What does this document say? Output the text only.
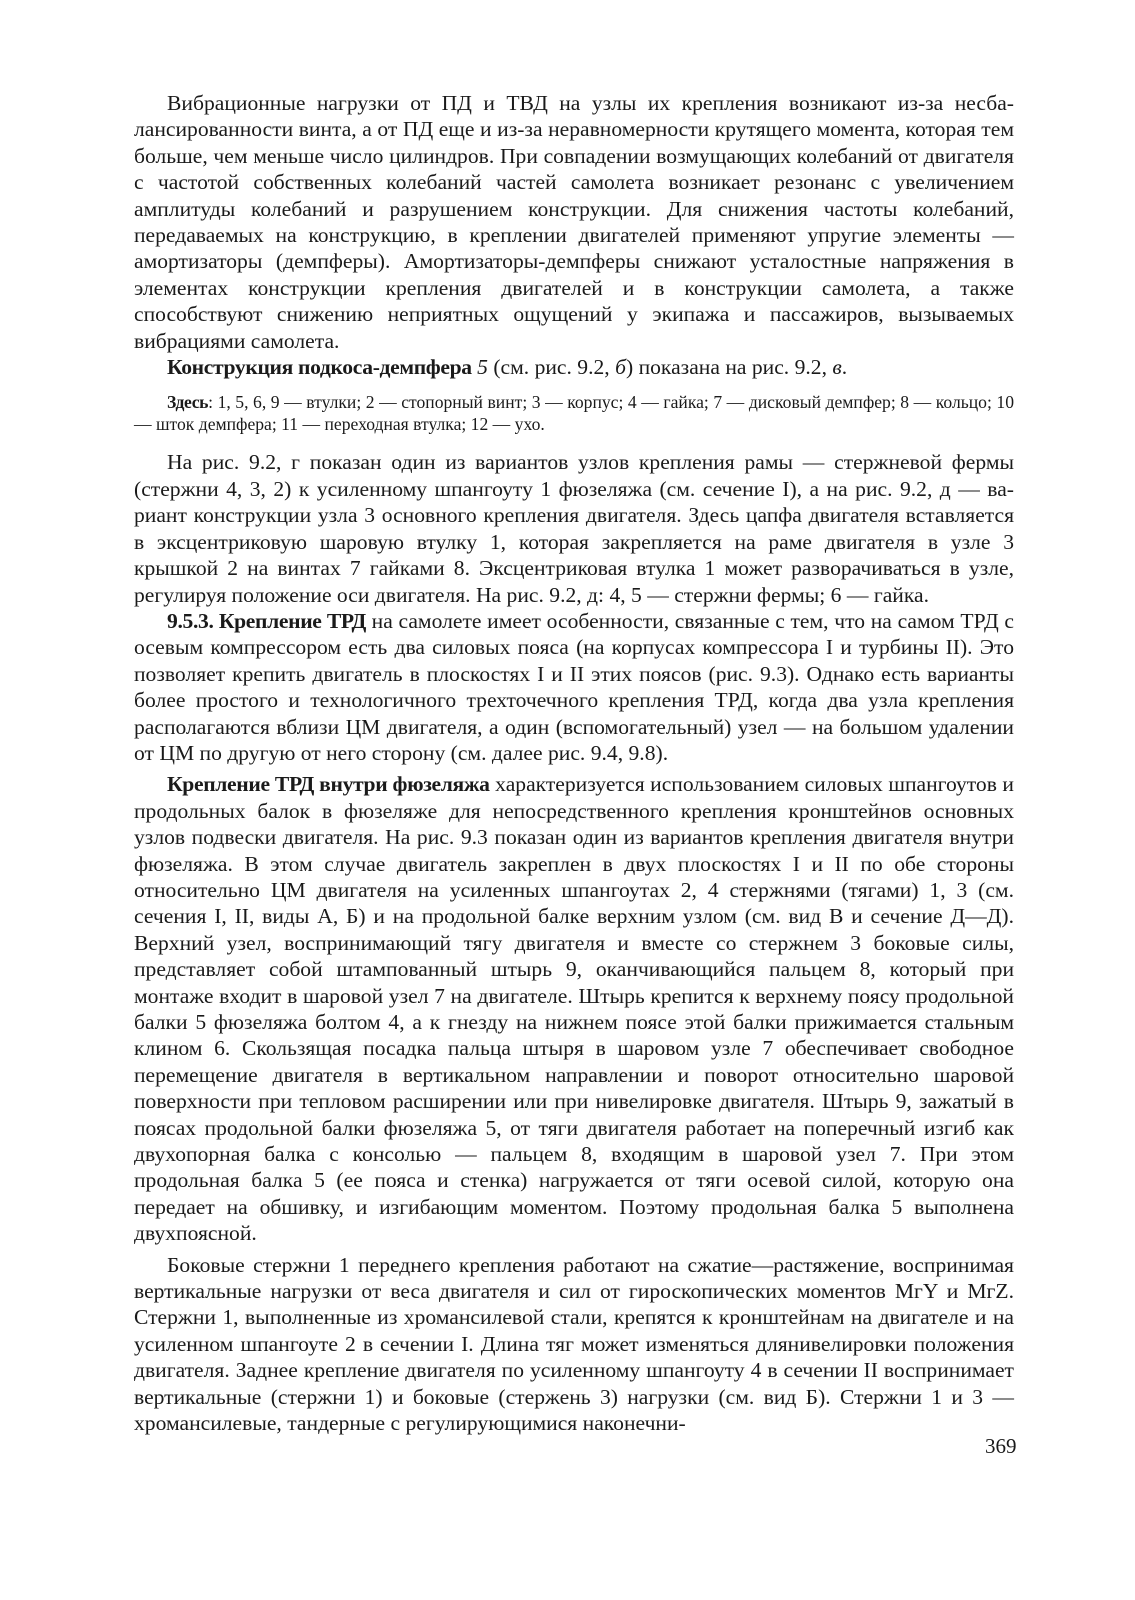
Вибрационные нагрузки от ПД и ТВД на узлы их крепления возникают из-за несбалансированности винта, а от ПД еще и из-за неравномерности крутящего момента, которая тем больше, чем меньше число цилиндров. При совпадении возмущающих колебаний от двигателя с частотой собственных колебаний частей самолета возникает резонанс с увеличением амплитуды колебаний и разрушением конструкции. Для снижения частоты колебаний, передаваемых на конструкцию, в креплении двигателей применяют упругие элементы — амортизаторы (демпферы). Амортизаторы-демпферы снижают усталостные напряжения в элементах конструкции крепления двигателей и в конструкции самолета, а также способствуют снижению неприятных ощущений у экипажа и пассажиров, вызываемых вибрациями самолета.

Конструкция подкоса-демпфера 5 (см. рис. 9.2, б) показана на рис. 9.2, в.

Здесь: 1, 5, 6, 9 — втулки; 2 — стопорный винт; 3 — корпус; 4 — гайка; 7 — дисковый демпфер; 8 — кольцо; 10 — шток демпфера; 11 — переходная втулка; 12 — ухо.

На рис. 9.2, г показан один из вариантов узлов крепления рамы — стержневой фермы (стержни 4, 3, 2) к усиленному шпангоуту 1 фюзеляжа (см. сечение I), а на рис. 9.2, д — вариант конструкции узла 3 основного крепления двигателя. Здесь цапфа двигателя вставляется в эксцентриковую шаровую втулку 1, которая закрепляется на раме двигателя в узле 3 крышкой 2 на винтах 7 гайками 8. Эксцентриковая втулка 1 может разворачиваться в узле, регулируя положение оси двигателя. На рис. 9.2, д: 4, 5 — стержни фермы; 6 — гайка.

9.5.3. Крепление ТРД на самолете имеет особенности, связанные с тем, что на самом ТРД с осевым компрессором есть два силовых пояса (на корпусах компрессора I и турбины II). Это позволяет крепить двигатель в плоскостях I и II этих поясов (рис. 9.3). Однако есть варианты более простого и технологичного трехточечного крепления ТРД, когда два узла крепления располагаются вблизи ЦМ двигателя, а один (вспомогательный) узел — на большом удалении от ЦМ по другую от него сторону (см. далее рис. 9.4, 9.8).

Крепление ТРД внутри фюзеляжа характеризуется использованием силовых шпангоутов и продольных балок в фюзеляже для непосредственного крепления кронштейнов основных узлов подвески двигателя. На рис. 9.3 показан один из вариантов крепления двигателя внутри фюзеляжа. В этом случае двигатель закреплен в двух плоскостях I и II по обе стороны относительно ЦМ двигателя на усиленных шпангоутах 2, 4 стержнями (тягами) 1, 3 (см. сечения I, II, виды А, Б) и на продольной балке верхним узлом (см. вид В и сечение Д—Д). Верхний узел, воспринимающий тягу двигателя и вместе со стержнем 3 боковые силы, представляет собой штампованный штырь 9, оканчивающийся пальцем 8, который при монтаже входит в шаровой узел 7 на двигателе. Штырь крепится к верхнему поясу продольной балки 5 фюзеляжа болтом 4, а к гнезду на нижнем поясе этой балки прижимается стальным клином 6. Скользящая посадка пальца штыря в шаровом узле 7 обеспечивает свободное перемещение двигателя в вертикальном направлении и поворот относительно шаровой поверхности при тепловом расширении или при нивелировке двигателя. Штырь 9, зажатый в поясах продольной балки фюзеляжа 5, от тяги двигателя работает на поперечный изгиб как двухопорная балка с консолью — пальцем 8, входящим в шаровой узел 7. При этом продольная балка 5 (ее пояса и стенка) нагружается от тяги осевой силой, которую она передает на обшивку, и изгибающим моментом. Поэтому продольная балка 5 выполнена двухпоясной.

Боковые стержни 1 переднего крепления работают на сжатие—растяжение, воспринимая вертикальные нагрузки от веса двигателя и сил от гироскопических моментов MгY и MгZ. Стержни 1, выполненные из хромансилевой стали, крепятся к кронштейнам на двигателе и на усиленном шпангоуте 2 в сечении I. Длина тяг может изменяться длянивелировки положения двигателя. Заднее крепление двигателя по усиленному шпангоуту 4 в сечении II воспринимает вертикальные (стержни 1) и боковые (стержень 3) нагрузки (см. вид Б). Стержни 1 и 3 — хромансилевые, тандерные с регулирующимися наконечни-

369
